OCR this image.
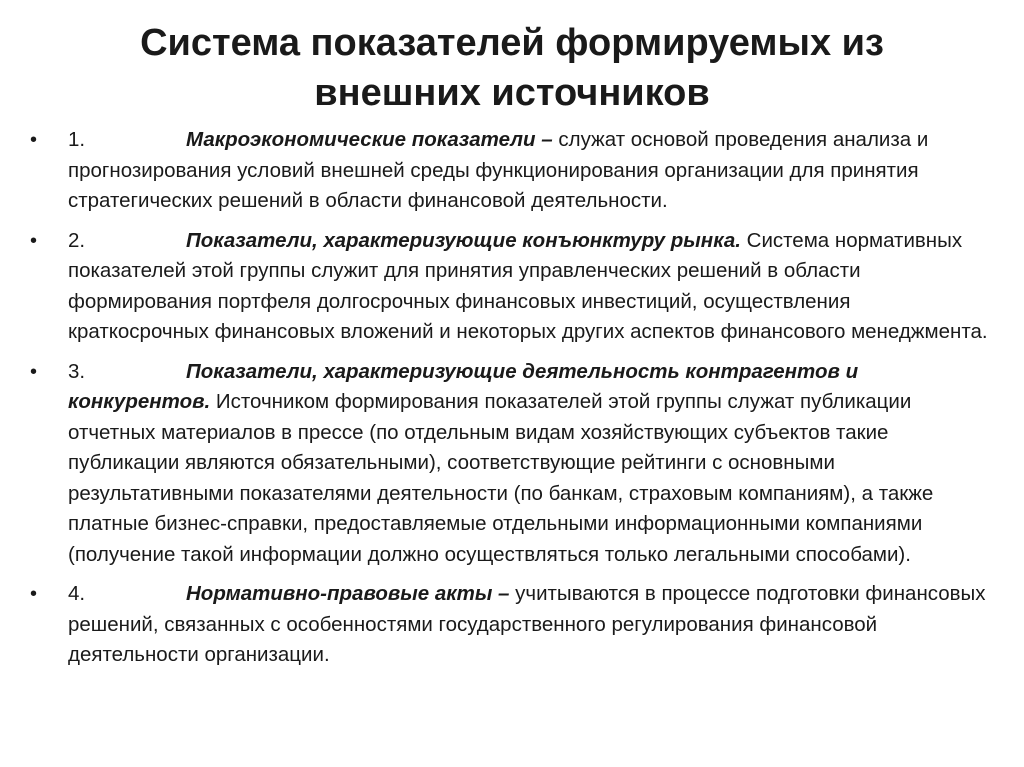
Система показателей формируемых из
внешних источников
•	1.	Макроэкономические показатели – служат основой проведения анализа и прогнозирования условий внешней среды функционирования организации для принятия стратегических решений в области финансовой деятельности.
•	2.	Показатели, характеризующие конъюнктуру рынка. Система нормативных показателей этой группы служит для принятия управленческих решений в области формирования портфеля долгосрочных финансовых инвестиций, осуществления краткосрочных финансовых вложений и некоторых других аспектов финансового менеджмента.
•	3.	Показатели, характеризующие деятельность контрагентов и конкурентов. Источником формирования показателей этой группы служат публикации отчетных материалов в прессе (по отдельным видам хозяйствующих субъектов такие публикации являются обязательными), соответствующие рейтинги с основными результативными показателями деятельности (по банкам, страховым компаниям), а также платные бизнес-справки, предоставляемые отдельными информационными компаниями (получение такой информации должно осуществляться только легальными способами).
•	4.	Нормативно-правовые акты – учитываются в процессе подготовки финансовых решений, связанных с особенностями государственного регулирования финансовой деятельности организации.
